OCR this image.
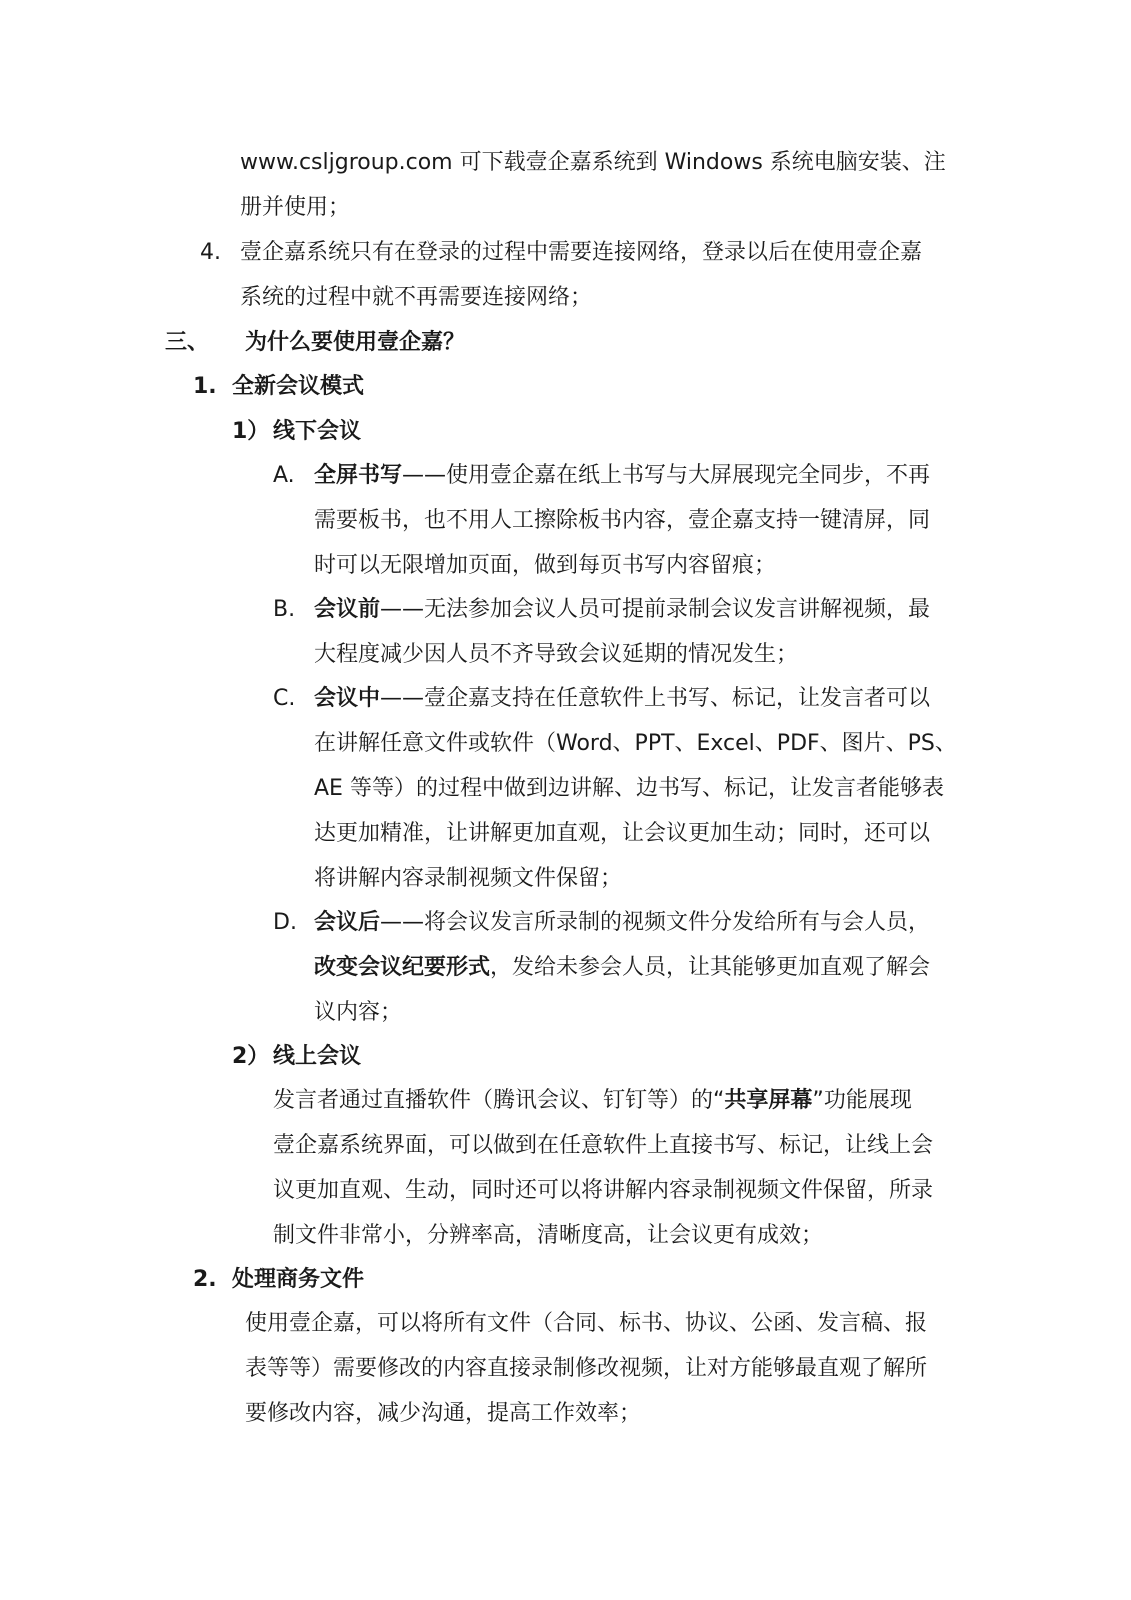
www.csljgroup.com 可下载壹企嘉系统到 Windows 系统电脑安装、注
册并使用；
4. 壹企嘉系统只有在登录的过程中需要连接网络，登录以后在使用壹企嘉
系统的过程中就不再需要连接网络；
三、 为什么要使用壹企嘉？
1. 全新会议模式
1） 线下会议
A. 全屏书写——使用壹企嘉在纸上书写与大屏展现完全同步，不再
需要板书，也不用人工擦除板书内容，壹企嘉支持一键清屏，同
时可以无限增加页面，做到每页书写内容留痕；
B. 会议前——无法参加会议人员可提前录制会议发言讲解视频，最
大程度减少因人员不齐导致会议延期的情况发生；
C. 会议中——壹企嘉支持在任意软件上书写、标记，让发言者可以
在讲解任意文件或软件（Word、PPT、Excel、PDF、图片、PS、
AE 等等）的过程中做到边讲解、边书写、标记，让发言者能够表
达更加精准，让讲解更加直观，让会议更加生动；同时，还可以
将讲解内容录制视频文件保留；
D. 会议后——将会议发言所录制的视频文件分发给所有与会人员，
改变会议纪要形式，发给未参会人员，让其能够更加直观了解会
议内容；
2） 线上会议
发言者通过直播软件（腾讯会议、钉钉等）的“共享屏幕”功能展现
壹企嘉系统界面，可以做到在任意软件上直接书写、标记，让线上会
议更加直观、生动，同时还可以将讲解内容录制视频文件保留，所录
制文件非常小，分辨率高，清晰度高，让会议更有成效；
2. 处理商务文件
使用壹企嘉，可以将所有文件（合同、标书、协议、公函、发言稿、报
表等等）需要修改的内容直接录制修改视频，让对方能够最直观了解所
要修改内容，减少沟通，提高工作效率；
